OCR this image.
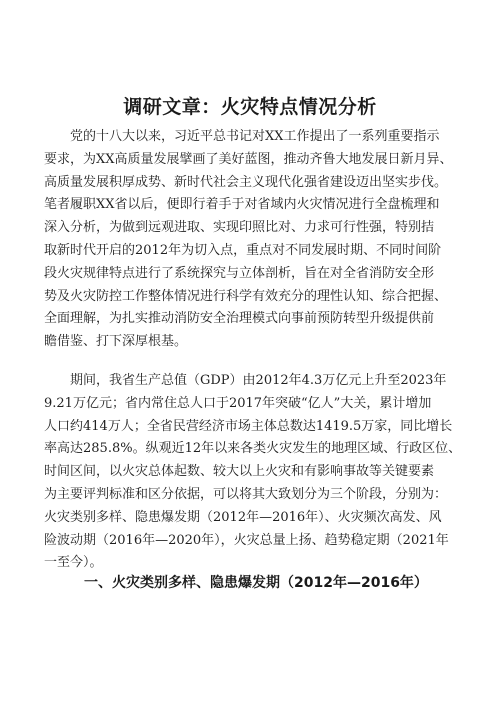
调研文章：火灾特点情况分析
　　党的十八大以来，习近平总书记对XX工作提出了一系列重要指示
要求，为XX高质量发展擘画了美好蓝图，推动齐鲁大地发展日新月异、
高质量发展积厚成势、新时代社会主义现代化强省建设迈出坚实步伐。
笔者履职XX省以后，便即行着手于对省域内火灾情况进行全盘梳理和
深入分析，为做到远观进取、实现印照比对、力求可行性强，特别拮
取新时代开启的2012年为切入点，重点对不同发展时期、不同时间阶
段火灾规律特点进行了系统探究与立体剖析，旨在对全省消防安全形
势及火灾防控工作整体情况进行科学有效充分的理性认知、综合把握、
全面理解，为扎实推动消防安全治理模式向事前预防转型升级提供前
瞻借鉴、打下深厚根基。
　　期间，我省生产总值（GDP）由2012年4.3万亿元上升至2023年
9.21万亿元；省内常住总人口于2017年突破“亿人”大关，累计增加
人口约414万人；全省民营经济市场主体总数达1419.5万家，同比增长
率高达285.8%。纵观近12年以来各类火灾发生的地理区域、行政区位、
时间区间，以火灾总体起数、较大以上火灾和有影响事故等关键要素
为主要评判标准和区分依据，可以将其大致划分为三个阶段，分别为：
火灾类别多样、隐患爆发期（2012年—2016年）、火灾频次高发、风
险波动期（2016年—2020年），火灾总量上扬、趋势稳定期（2021年
一至今）。
一、火灾类别多样、隐患爆发期（2012年—2016年）
